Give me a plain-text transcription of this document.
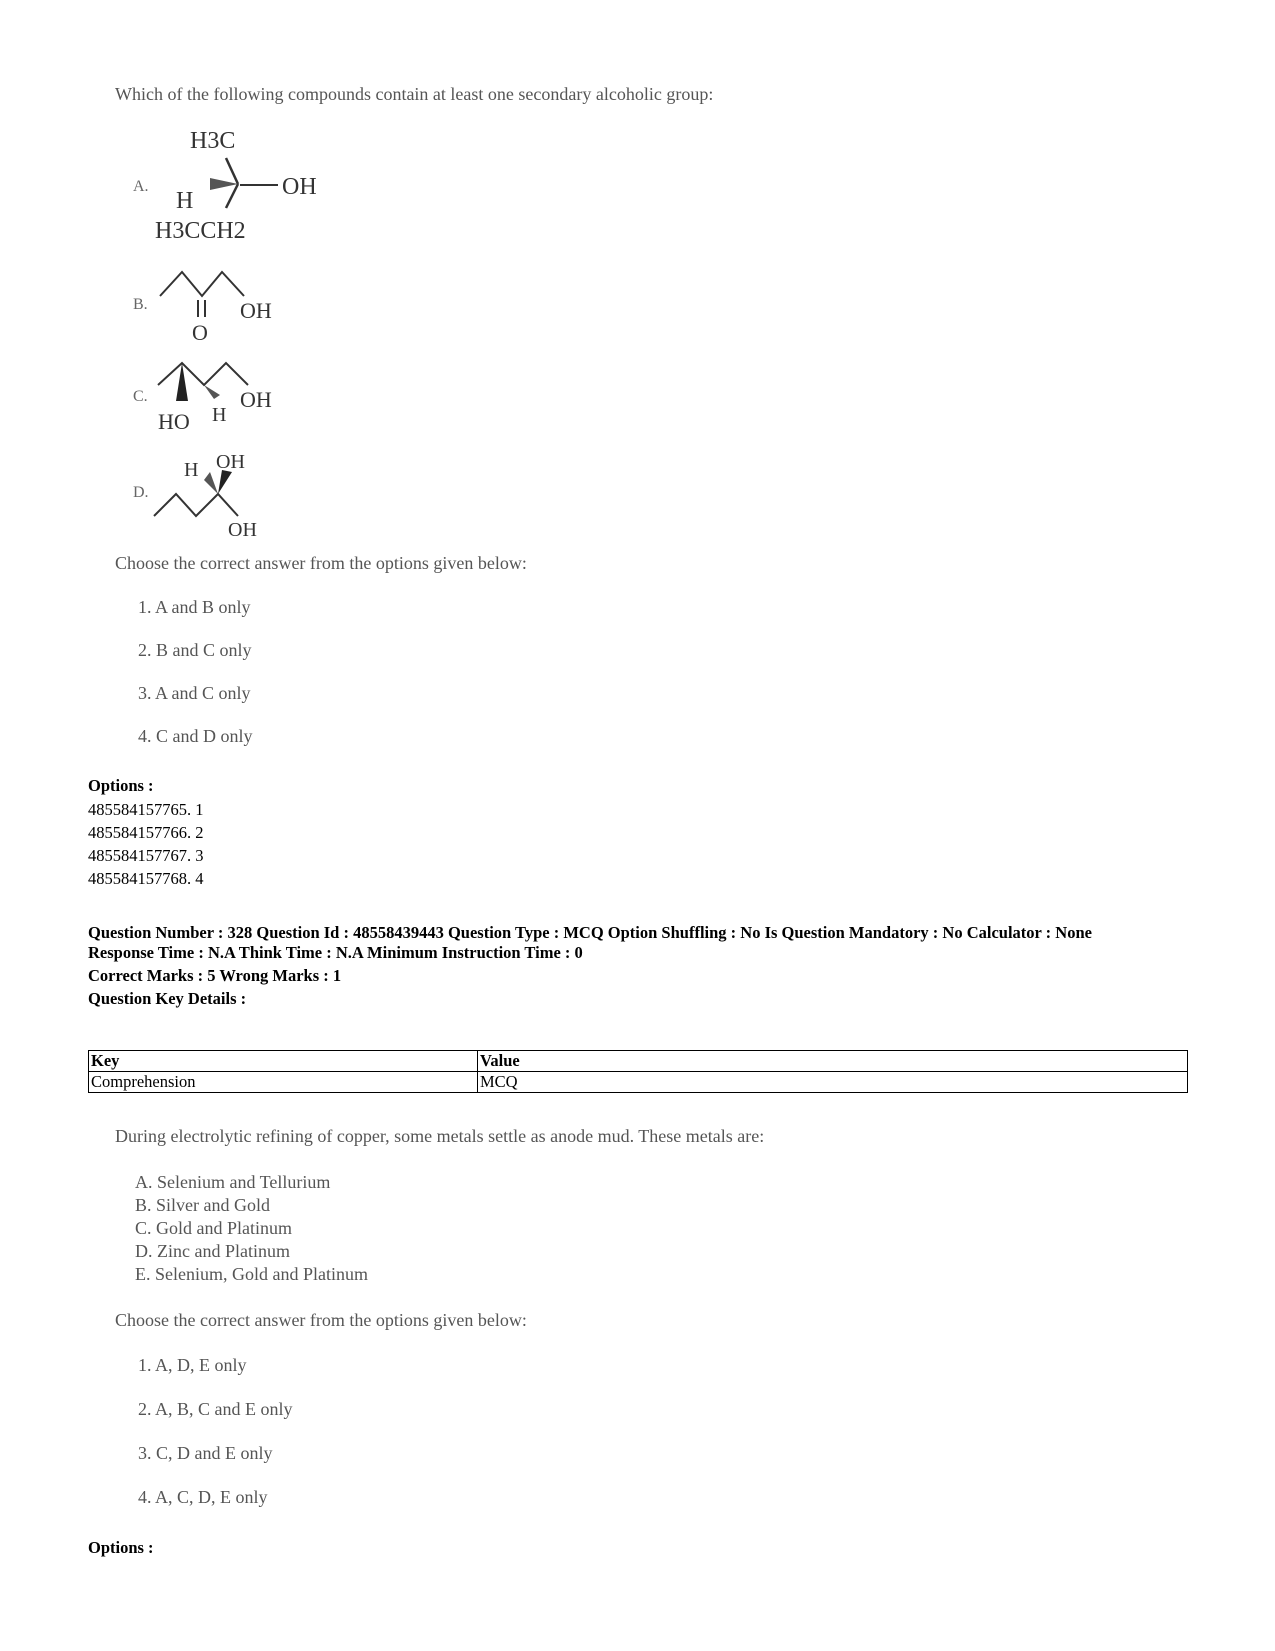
Which of the following compounds contain at least one secondary alcoholic group:
A.
H3C
H
OH
H3CCH2
B.
O
OH
C.
HO H
OH
D.
H OH
OH
Choose the correct answer from the options given below:
1. A and B only
2. B and C only
3. A and C only
4. C and D only
Options :
485584157765. 1
485584157766. 2
485584157767. 3
485584157768. 4
Question Number : 328 Question Id : 48558439443 Question Type : MCQ Option Shuffling : No Is Question Mandatory : No Calculator : None
Response Time : N.A Think Time : N.A Minimum Instruction Time : 0
Correct Marks : 5 Wrong Marks : 1
Question Key Details :
Key	Value
Comprehension	MCQ
During electrolytic refining of copper, some metals settle as anode mud. These metals are:
A. Selenium and Tellurium
B. Silver and Gold
C. Gold and Platinum
D. Zinc and Platinum
E. Selenium, Gold and Platinum
Choose the correct answer from the options given below:
1. A, D, E only
2. A, B, C and E only
3. C, D and E only
4. A, C, D, E only
Options :
